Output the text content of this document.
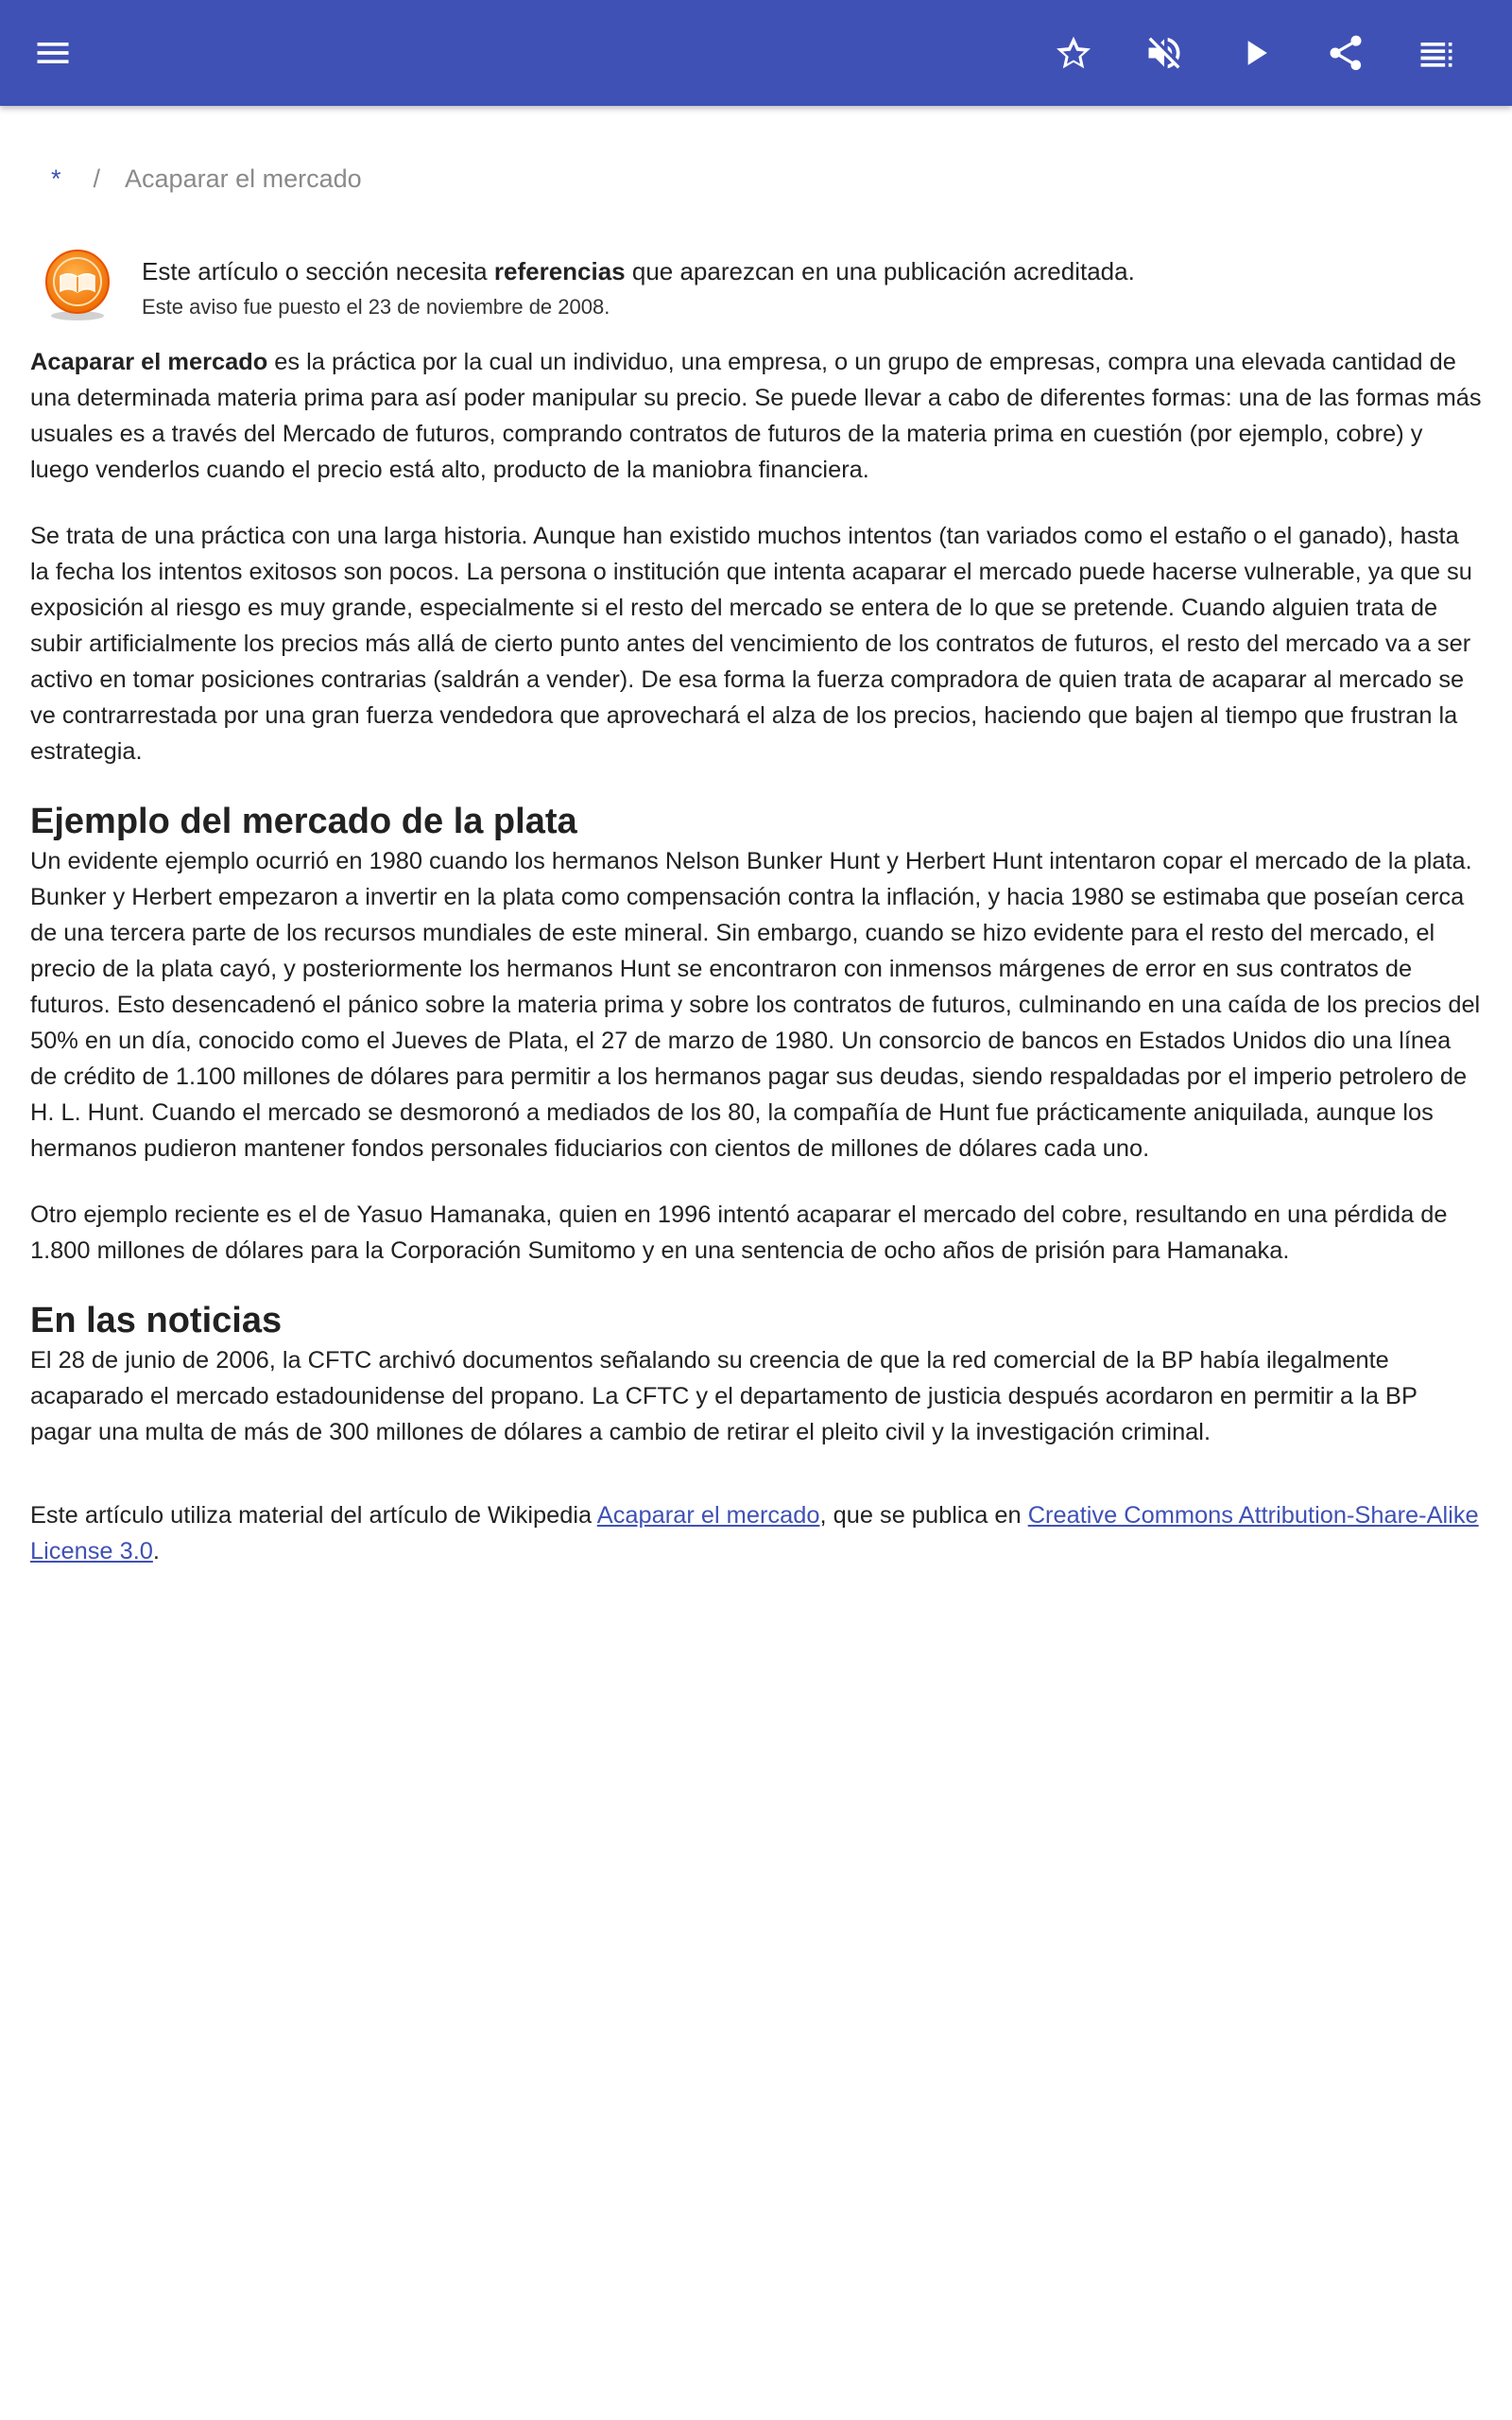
* / Acaparar el mercado
Este artículo o sección necesita referencias que aparezcan en una publicación acreditada.
Este aviso fue puesto el 23 de noviembre de 2008.

Acaparar el mercado es la práctica por la cual un individuo, una empresa, o un grupo de empresas, compra una elevada cantidad de una determinada materia prima para así poder manipular su precio. Se puede llevar a cabo de diferentes formas: una de las formas más usuales es a través del Mercado de futuros, comprando contratos de futuros de la materia prima en cuestión (por ejemplo, cobre) y luego venderlos cuando el precio está alto, producto de la maniobra financiera.

Se trata de una práctica con una larga historia. Aunque han existido muchos intentos (tan variados como el estaño o el ganado), hasta la fecha los intentos exitosos son pocos. La persona o institución que intenta acaparar el mercado puede hacerse vulnerable, ya que su exposición al riesgo es muy grande, especialmente si el resto del mercado se entera de lo que se pretende. Cuando alguien trata de subir artificialmente los precios más allá de cierto punto antes del vencimiento de los contratos de futuros, el resto del mercado va a ser activo en tomar posiciones contrarias (saldrán a vender). De esa forma la fuerza compradora de quien trata de acaparar al mercado se ve contrarrestada por una gran fuerza vendedora que aprovechará el alza de los precios, haciendo que bajen al tiempo que frustran la estrategia.

Ejemplo del mercado de la plata

Un evidente ejemplo ocurrió en 1980 cuando los hermanos Nelson Bunker Hunt y Herbert Hunt intentaron copar el mercado de la plata. Bunker y Herbert empezaron a invertir en la plata como compensación contra la inflación, y hacia 1980 se estimaba que poseían cerca de una tercera parte de los recursos mundiales de este mineral. Sin embargo, cuando se hizo evidente para el resto del mercado, el precio de la plata cayó, y posteriormente los hermanos Hunt se encontraron con inmensos márgenes de error en sus contratos de futuros. Esto desencadenó el pánico sobre la materia prima y sobre los contratos de futuros, culminando en una caída de los precios del 50% en un día, conocido como el Jueves de Plata, el 27 de marzo de 1980. Un consorcio de bancos en Estados Unidos dio una línea de crédito de 1.100 millones de dólares para permitir a los hermanos pagar sus deudas, siendo respaldadas por el imperio petrolero de H. L. Hunt. Cuando el mercado se desmoronó a mediados de los 80, la compañía de Hunt fue prácticamente aniquilada, aunque los hermanos pudieron mantener fondos personales fiduciarios con cientos de millones de dólares cada uno.

Otro ejemplo reciente es el de Yasuo Hamanaka, quien en 1996 intentó acaparar el mercado del cobre, resultando en una pérdida de 1.800 millones de dólares para la Corporación Sumitomo y en una sentencia de ocho años de prisión para Hamanaka.

En las noticias

El 28 de junio de 2006, la CFTC archivó documentos señalando su creencia de que la red comercial de la BP había ilegalmente acaparado el mercado estadounidense del propano. La CFTC y el departamento de justicia después acordaron en permitir a la BP pagar una multa de más de 300 millones de dólares a cambio de retirar el pleito civil y la investigación criminal.

Este artículo utiliza material del artículo de Wikipedia Acaparar el mercado, que se publica en Creative Commons Attribution-Share-Alike License 3.0.
